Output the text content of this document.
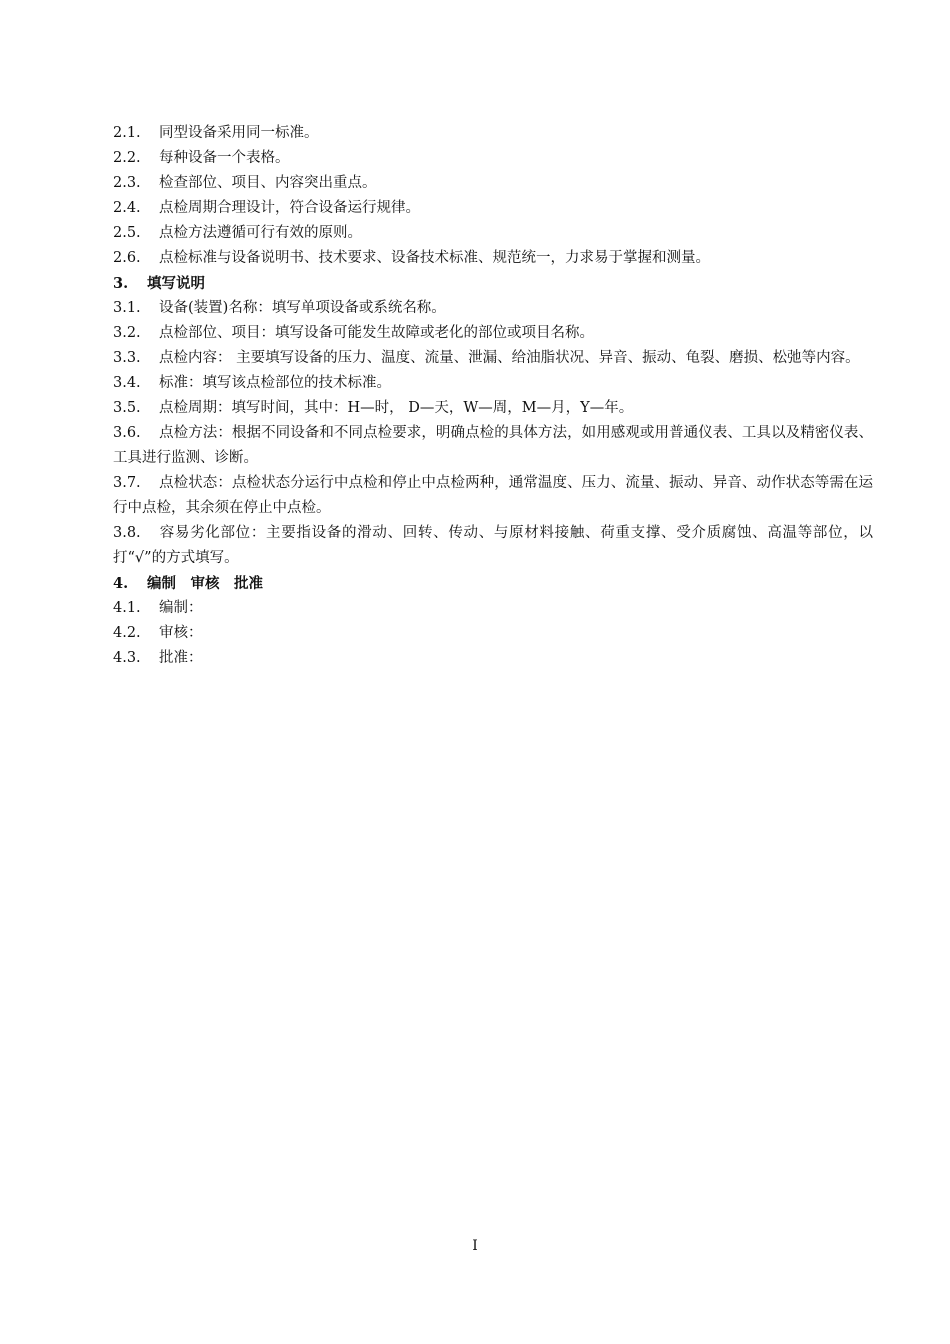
2.1. 同型设备采用同一标准。

2.2. 每种设备一个表格。

2.3. 检查部位、项目、内容突出重点。

2.4. 点检周期合理设计，符合设备运行规律。

2.5. 点检方法遵循可行有效的原则。

2.6. 点检标准与设备说明书、技术要求、设备技术标准、规范统一，力求易于掌握和测量。

3. 填写说明

3.1. 设备(装置)名称：填写单项设备或系统名称。

3.2. 点检部位、项目：填写设备可能发生故障或老化的部位或项目名称。

3.3. 点检内容： 主要填写设备的压力、温度、流量、泄漏、给油脂状况、异音、振动、龟裂、磨损、松弛等内容。

3.4. 标准：填写该点检部位的技术标准。

3.5. 点检周期：填写时间，其中：H—时， D—天，W—周，M—月，Y—年。

3.6. 点检方法：根据不同设备和不同点检要求，明确点检的具体方法，如用感观或用普通仪表、工具以及精密仪表、工具进行监测、诊断。

3.7. 点检状态：点检状态分运行中点检和停止中点检两种，通常温度、压力、流量、振动、异音、动作状态等需在运行中点检，其余须在停止中点检。

3.8. 容易劣化部位：主要指设备的滑动、回转、传动、与原材料接触、荷重支撑、受介质腐蚀、高温等部位，以打“√”的方式填写。

4. 编制　审核　批准

4.1. 编制：

4.2. 审核：

4.3. 批准：

I
